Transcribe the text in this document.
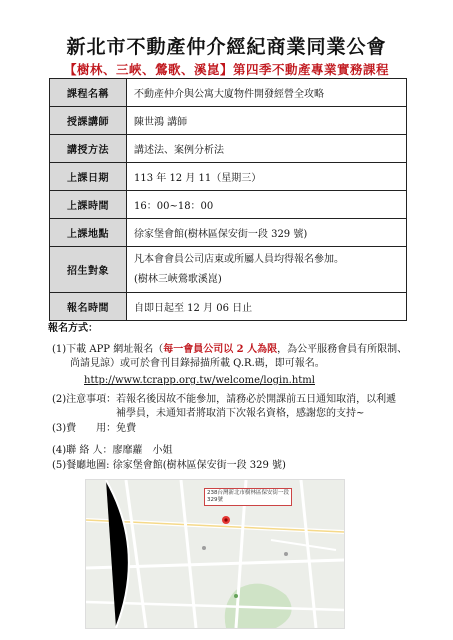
新北市不動產仲介經紀商業同業公會
【樹林、三峽、鶯歌、溪崑】第四季不動產專業實務課程
課程名稱	不動產仲介與公寓大廈物件開發經營全攻略
授課講師	陳世鴻 講師
講授方法	講述法、案例分析法
上課日期	113 年 12 月 11（星期三）
上課時間	16：00~18：00
上課地點	徐家堡會館(樹林區保安街一段 329 號)
招生對象	凡本會會員公司店東或所屬人員均得報名參加。

(樹林三峽鶯歌溪崑)

報名時間	自即日起至 12 月 06 日止
報名方式：
(1)下載 APP 網址報名（每一會員公司以 2 人為限，為公平服務會員有所限制、
尚請見諒）或可於會刊目錄掃描所載 Q.R.碼，即可報名。
http://www.tcrapp.org.tw/welcome/login.html
(2)注意事項：若報名後因故不能參加，請務必於開課前五日通知取消，以利遞
補學員，未通知者將取消下次報名資格，感謝您的支持~
(3)費　　用：免費
(4)聯 絡 人：廖靡蘿　小姐
(5)餐廳地圖: 徐家堡會館(樹林區保安街一段 329 號)
238台灣新北市樹林區保安街一段329號
